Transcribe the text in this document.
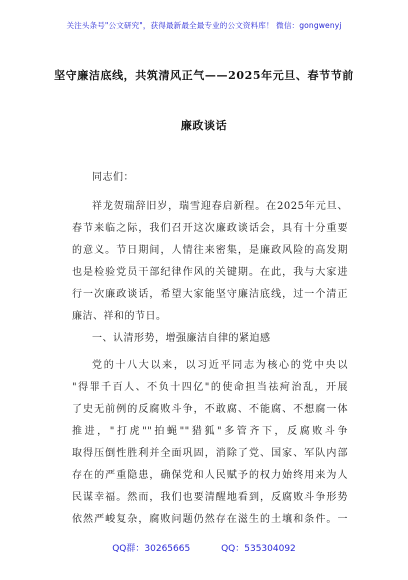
关注头条号"公文研究"，获得最新最全最专业的公文资料库！ 微信：gongwenyj
坚守廉洁底线，共筑清风正气——2025年元旦、春节节前
廉政谈话
同志们：
祥龙贺瑞辞旧岁，瑞雪迎春启新程。在2025年元旦、
春节来临之际，我们召开这次廉政谈话会，具有十分重要
的意义。节日期间，人情往来密集，是廉政风险的高发期
也是检验党员干部纪律作风的关键期。在此，我与大家进
行一次廉政谈话，希望大家能坚守廉洁底线，过一个清正
廉洁、祥和的节日。
一、认清形势，增强廉洁自律的紧迫感
党的十八大以来，以习近平同志为核心的党中央以
"得罪千百人、不负十四亿"的使命担当祛疴治乱，开展
了史无前例的反腐败斗争，不敢腐、不能腐、不想腐一体
推进，"打虎""拍蝇""猎狐"多管齐下，反腐败斗争
取得压倒性胜利并全面巩固，消除了党、国家、军队内部
存在的严重隐患，确保党和人民赋予的权力始终用来为人
民谋幸福。然而，我们也要清醒地看到，反腐败斗争形势
依然严峻复杂，腐败问题仍然存在滋生的土壤和条件。一
QQ群：30265665	QQ：535304092
